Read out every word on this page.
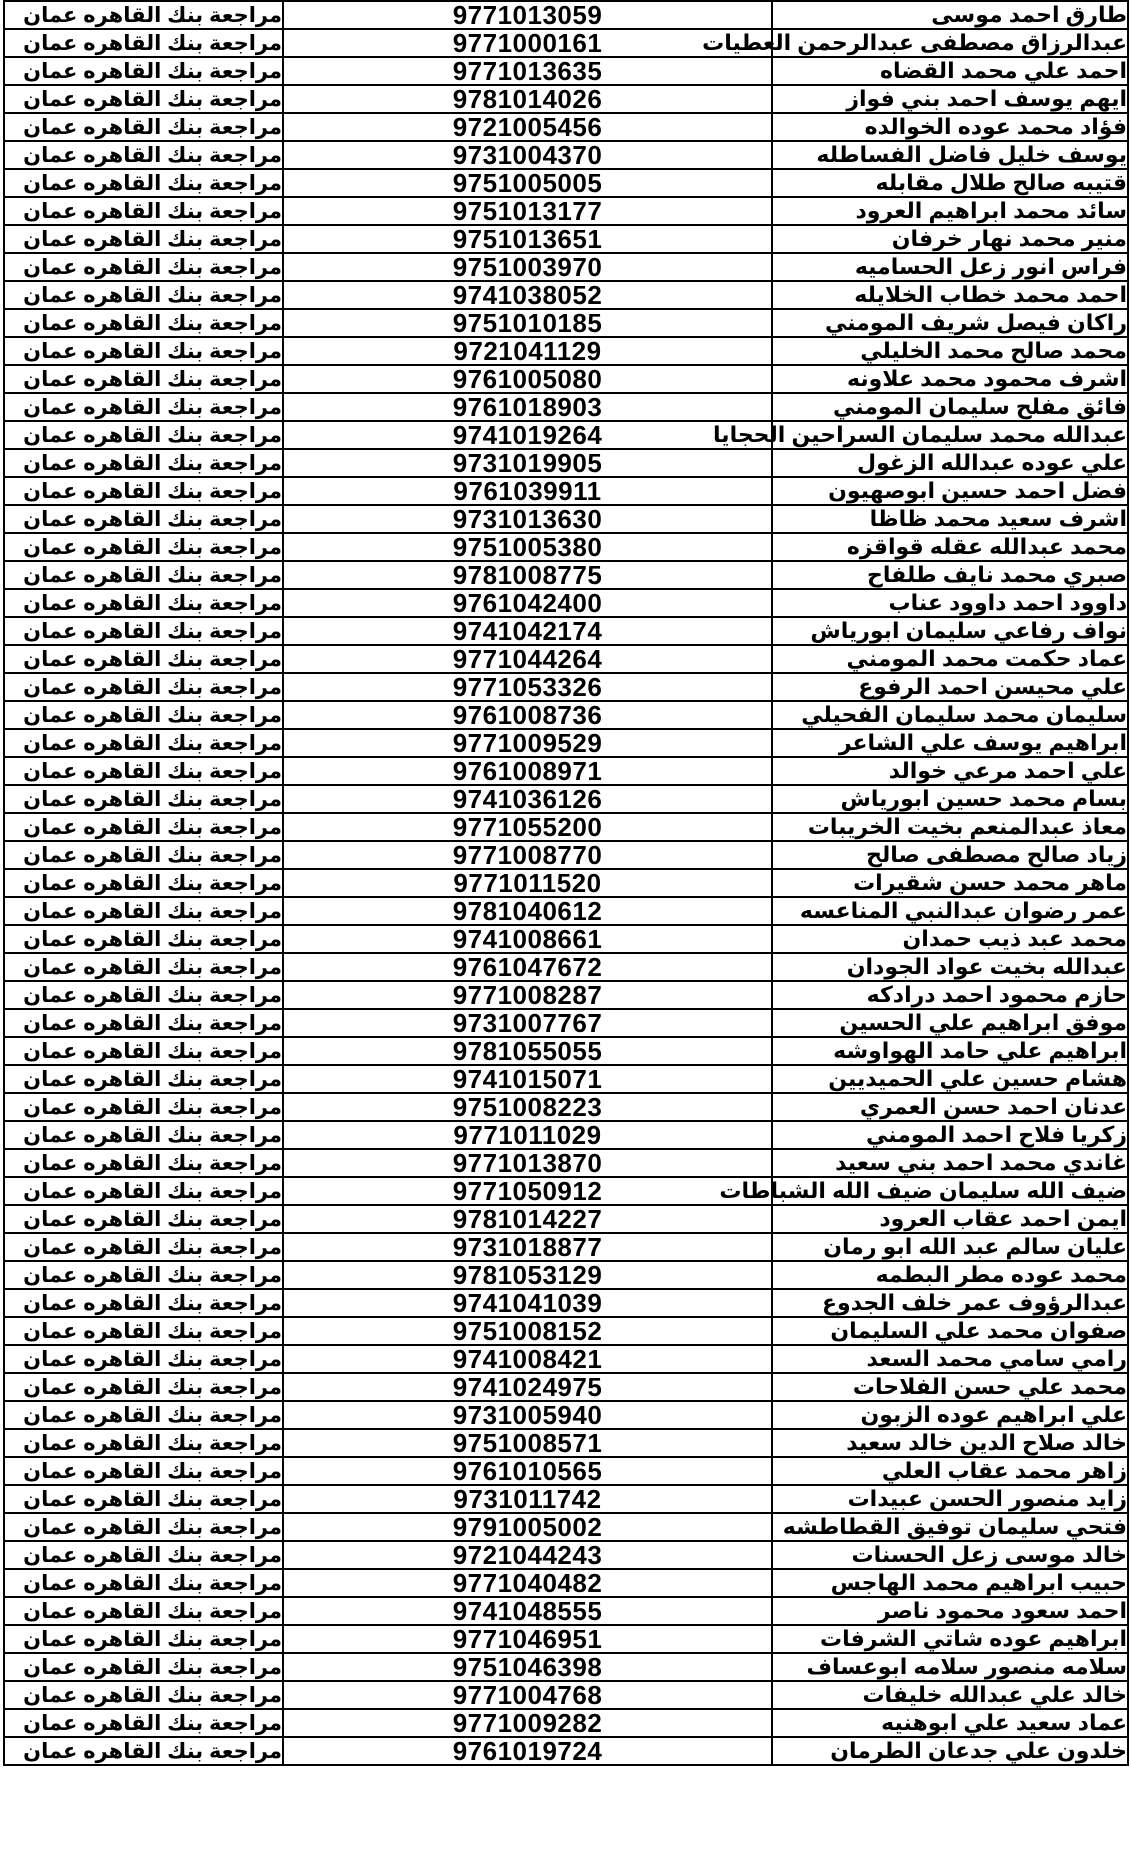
مراجعة بنك القاهره عمان	9771013059	طارق احمد موسى
مراجعة بنك القاهره عمان	9771000161	عبدالرزاق مصطفى عبدالرحمن العطيات
مراجعة بنك القاهره عمان	9771013635	احمد علي محمد القضاه
مراجعة بنك القاهره عمان	9781014026	ايهم يوسف احمد بني فواز
مراجعة بنك القاهره عمان	9721005456	فؤاد محمد عوده الخوالده
مراجعة بنك القاهره عمان	9731004370	يوسف خليل فاضل الفساطله
مراجعة بنك القاهره عمان	9751005005	قتيبه صالح طلال مقابله
مراجعة بنك القاهره عمان	9751013177	سائد محمد ابراهيم العرود
مراجعة بنك القاهره عمان	9751013651	منير محمد نهار خرفان
مراجعة بنك القاهره عمان	9751003970	فراس انور زعل الحساميه
مراجعة بنك القاهره عمان	9741038052	احمد محمد خطاب الخلايله
مراجعة بنك القاهره عمان	9751010185	راكان فيصل شريف المومني
مراجعة بنك القاهره عمان	9721041129	محمد صالح محمد الخليلي
مراجعة بنك القاهره عمان	9761005080	اشرف محمود محمد علاونه
مراجعة بنك القاهره عمان	9761018903	فائق مفلح سليمان المومني
مراجعة بنك القاهره عمان	9741019264	عبدالله محمد سليمان السراحين الحجايا
مراجعة بنك القاهره عمان	9731019905	علي عوده عبدالله الزغول
مراجعة بنك القاهره عمان	9761039911	فضل احمد حسين ابوصهيون
مراجعة بنك القاهره عمان	9731013630	اشرف سعيد محمد ظاظا
مراجعة بنك القاهره عمان	9751005380	محمد عبدالله عقله قواقزه
مراجعة بنك القاهره عمان	9781008775	صبري محمد نايف طلفاح
مراجعة بنك القاهره عمان	9761042400	داوود احمد داوود عناب
مراجعة بنك القاهره عمان	9741042174	نواف رفاعي سليمان ابورياش
مراجعة بنك القاهره عمان	9771044264	عماد حكمت محمد المومني
مراجعة بنك القاهره عمان	9771053326	علي محيسن احمد الرفوع
مراجعة بنك القاهره عمان	9761008736	سليمان محمد سليمان الفحيلي
مراجعة بنك القاهره عمان	9771009529	ابراهيم يوسف علي الشاعر
مراجعة بنك القاهره عمان	9761008971	علي احمد مرعي خوالد
مراجعة بنك القاهره عمان	9741036126	بسام محمد حسين ابورياش
مراجعة بنك القاهره عمان	9771055200	معاذ عبدالمنعم بخيت الخريبات
مراجعة بنك القاهره عمان	9771008770	زياد صالح مصطفى صالح
مراجعة بنك القاهره عمان	9771011520	ماهر محمد حسن شقيرات
مراجعة بنك القاهره عمان	9781040612	عمر رضوان عبدالنبي المناعسه
مراجعة بنك القاهره عمان	9741008661	محمد عبد ذيب حمدان
مراجعة بنك القاهره عمان	9761047672	عبدالله بخيت عواد الجودان
مراجعة بنك القاهره عمان	9771008287	حازم محمود احمد درادكه
مراجعة بنك القاهره عمان	9731007767	موفق ابراهيم علي الحسين
مراجعة بنك القاهره عمان	9781055055	ابراهيم علي حامد الهواوشه
مراجعة بنك القاهره عمان	9741015071	هشام حسين علي الحميديين
مراجعة بنك القاهره عمان	9751008223	عدنان احمد حسن العمري
مراجعة بنك القاهره عمان	9771011029	زكريا فلاح احمد المومني
مراجعة بنك القاهره عمان	9771013870	غاندي محمد احمد بني سعيد
مراجعة بنك القاهره عمان	9771050912	ضيف الله سليمان ضيف الله الشباطات
مراجعة بنك القاهره عمان	9781014227	ايمن احمد عقاب العرود
مراجعة بنك القاهره عمان	9731018877	عليان سالم عبد الله ابو رمان
مراجعة بنك القاهره عمان	9781053129	محمد عوده مطر البطمه
مراجعة بنك القاهره عمان	9741041039	عبدالرؤوف عمر خلف الجدوع
مراجعة بنك القاهره عمان	9751008152	صفوان محمد علي السليمان
مراجعة بنك القاهره عمان	9741008421	رامي سامي محمد السعد
مراجعة بنك القاهره عمان	9741024975	محمد علي حسن الفلاحات
مراجعة بنك القاهره عمان	9731005940	علي ابراهيم عوده الزبون
مراجعة بنك القاهره عمان	9751008571	خالد صلاح الدين خالد سعيد
مراجعة بنك القاهره عمان	9761010565	زاهر محمد عقاب العلي
مراجعة بنك القاهره عمان	9731011742	زايد منصور الحسن عبيدات
مراجعة بنك القاهره عمان	9791005002	فتحي سليمان توفيق القطاطشه
مراجعة بنك القاهره عمان	9721044243	خالد موسى زعل الحسنات
مراجعة بنك القاهره عمان	9771040482	حبيب ابراهيم محمد الهاجس
مراجعة بنك القاهره عمان	9741048555	احمد سعود محمود ناصر
مراجعة بنك القاهره عمان	9771046951	ابراهيم عوده شاتي الشرفات
مراجعة بنك القاهره عمان	9751046398	سلامه منصور سلامه ابوعساف
مراجعة بنك القاهره عمان	9771004768	خالد علي عبدالله خليفات
مراجعة بنك القاهره عمان	9771009282	عماد سعيد علي ابوهنيه
مراجعة بنك القاهره عمان	9761019724	خلدون علي جدعان الطرمان
